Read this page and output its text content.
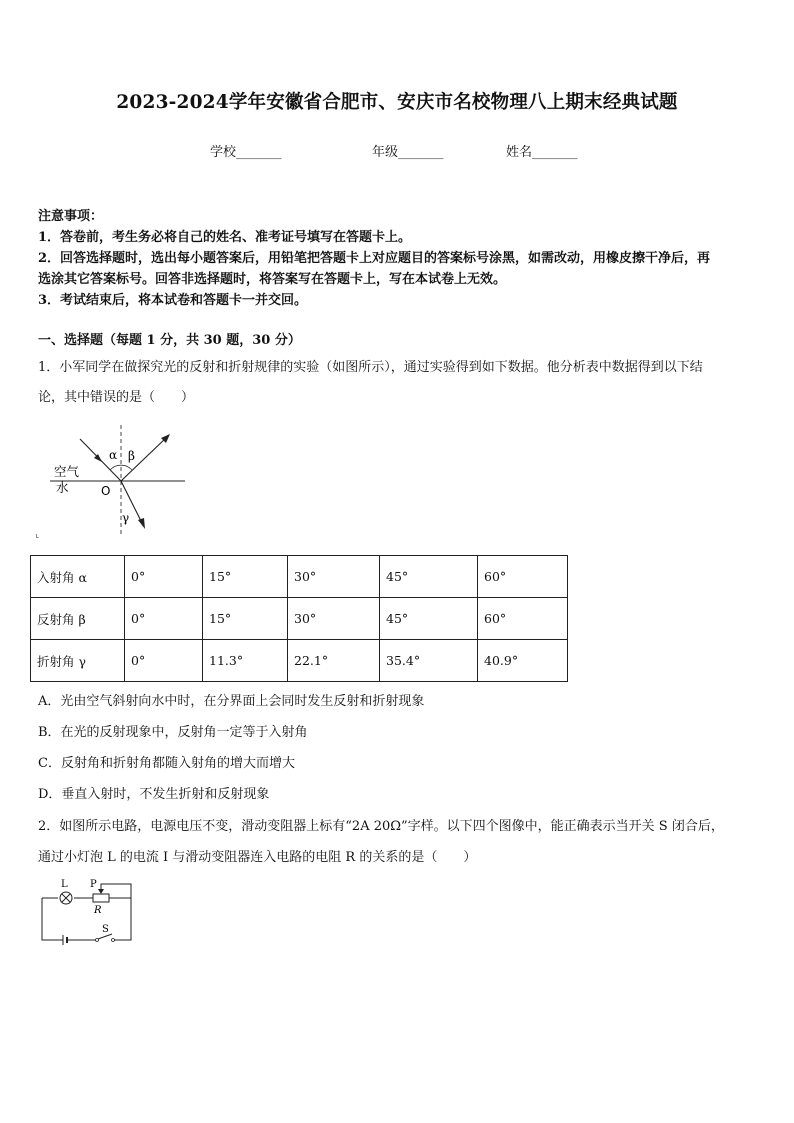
2023-2024学年安徽省合肥市、安庆市名校物理八上期末经典试题
学校_______	年级_______	姓名_______
注意事项：
1．答卷前，考生务必将自己的姓名、准考证号填写在答题卡上。
2．回答选择题时，选出每小题答案后，用铅笔把答题卡上对应题目的答案标号涂黑，如需改动，用橡皮擦干净后，再
选涂其它答案标号。回答非选择题时，将答案写在答题卡上，写在本试卷上无效。
3．考试结束后，将本试卷和答题卡一并交回。
一、选择题（每题 1 分，共 30 题，30 分）
1．小军同学在做探究光的反射和折射规律的实验（如图所示），通过实验得到如下数据。他分析表中数据得到以下结
论，其中错误的是（　　）
α β
γ
O
空气
水
˪
入射角 α	0°	15°	30°	45°	60°
反射角 β	0°	15°	30°	45°	60°
折射角 γ	0°	11.3°	22.1°	35.4°	40.9°
A．光由空气斜射向水中时，在分界面上会同时发生反射和折射现象
B．在光的反射现象中，反射角一定等于入射角
C．反射角和折射角都随入射角的增大而增大
D．垂直入射时，不发生折射和反射现象
2．如图所示电路，电源电压不变，滑动变阻器上标有“2A 20Ω”字样。以下四个图像中，能正确表示当开关 S 闭合后，
通过小灯泡 L 的电流 I 与滑动变阻器连入电路的电阻 R 的关系的是（　　）
L P
R
S
